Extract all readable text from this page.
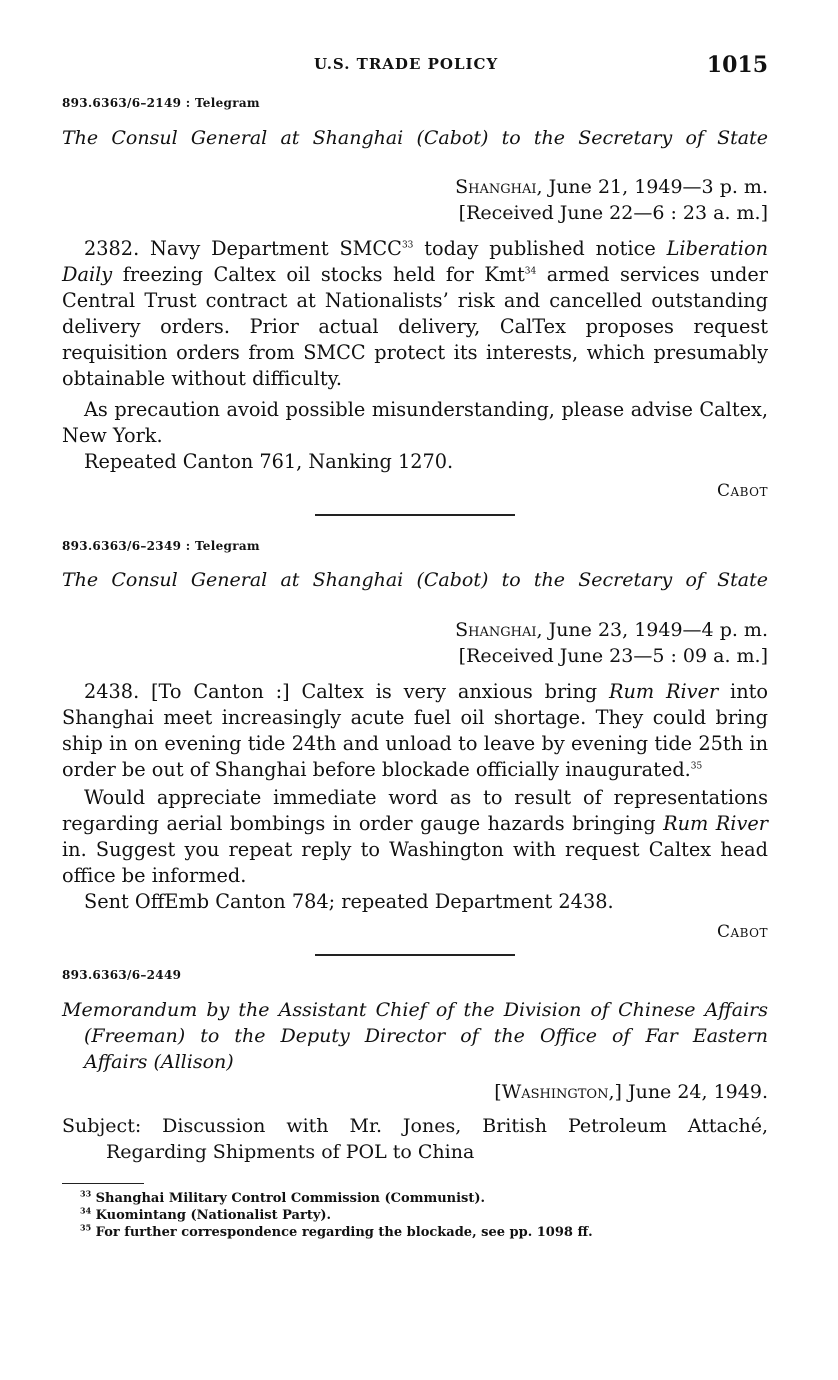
U.S. TRADE POLICY	1015
893.6363/6–2149 : Telegram
The Consul General at Shanghai (Cabot) to the Secretary of State
Shanghai, June 21, 1949—3 p. m.
[Received June 22—6 : 23 a. m.]
2382. Navy Department SMCC$^{33}$ today published notice Liberation Daily freezing Caltex oil stocks held for Kmt$^{34}$ armed services under Central Trust contract at Nationalists’ risk and cancelled outstanding delivery orders. Prior actual delivery, CalTex proposes request requisition orders from SMCC protect its interests, which presumably obtainable without difficulty.
As precaution avoid possible misunderstanding, please advise Caltex, New York.
Repeated Canton 761, Nanking 1270.
Cabot
893.6363/6–2349 : Telegram
The Consul General at Shanghai (Cabot) to the Secretary of State
Shanghai, June 23, 1949—4 p. m.
[Received June 23—5 : 09 a. m.]
2438. [To Canton :] Caltex is very anxious bring Rum River into Shanghai meet increasingly acute fuel oil shortage. They could bring ship in on evening tide 24th and unload to leave by evening tide 25th in order be out of Shanghai before blockade officially inaugurated.$^{35}$
Would appreciate immediate word as to result of representations regarding aerial bombings in order gauge hazards bringing Rum River in. Suggest you repeat reply to Washington with request Caltex head office be informed.
Sent OffEmb Canton 784; repeated Department 2438.
Cabot
893.6363/6–2449
Memorandum by the Assistant Chief of the Division of Chinese Affairs
(Freeman) to the Deputy Director of the Office of Far Eastern
Affairs (Allison)
[Washington,] June 24, 1949.
Subject: Discussion with Mr. Jones, British Petroleum Attaché,
Regarding Shipments of POL to China
$^{33}$ Shanghai Military Control Commission (Communist).
$^{34}$ Kuomintang (Nationalist Party).
$^{35}$ For further correspondence regarding the blockade, see pp. 1098 ff.
